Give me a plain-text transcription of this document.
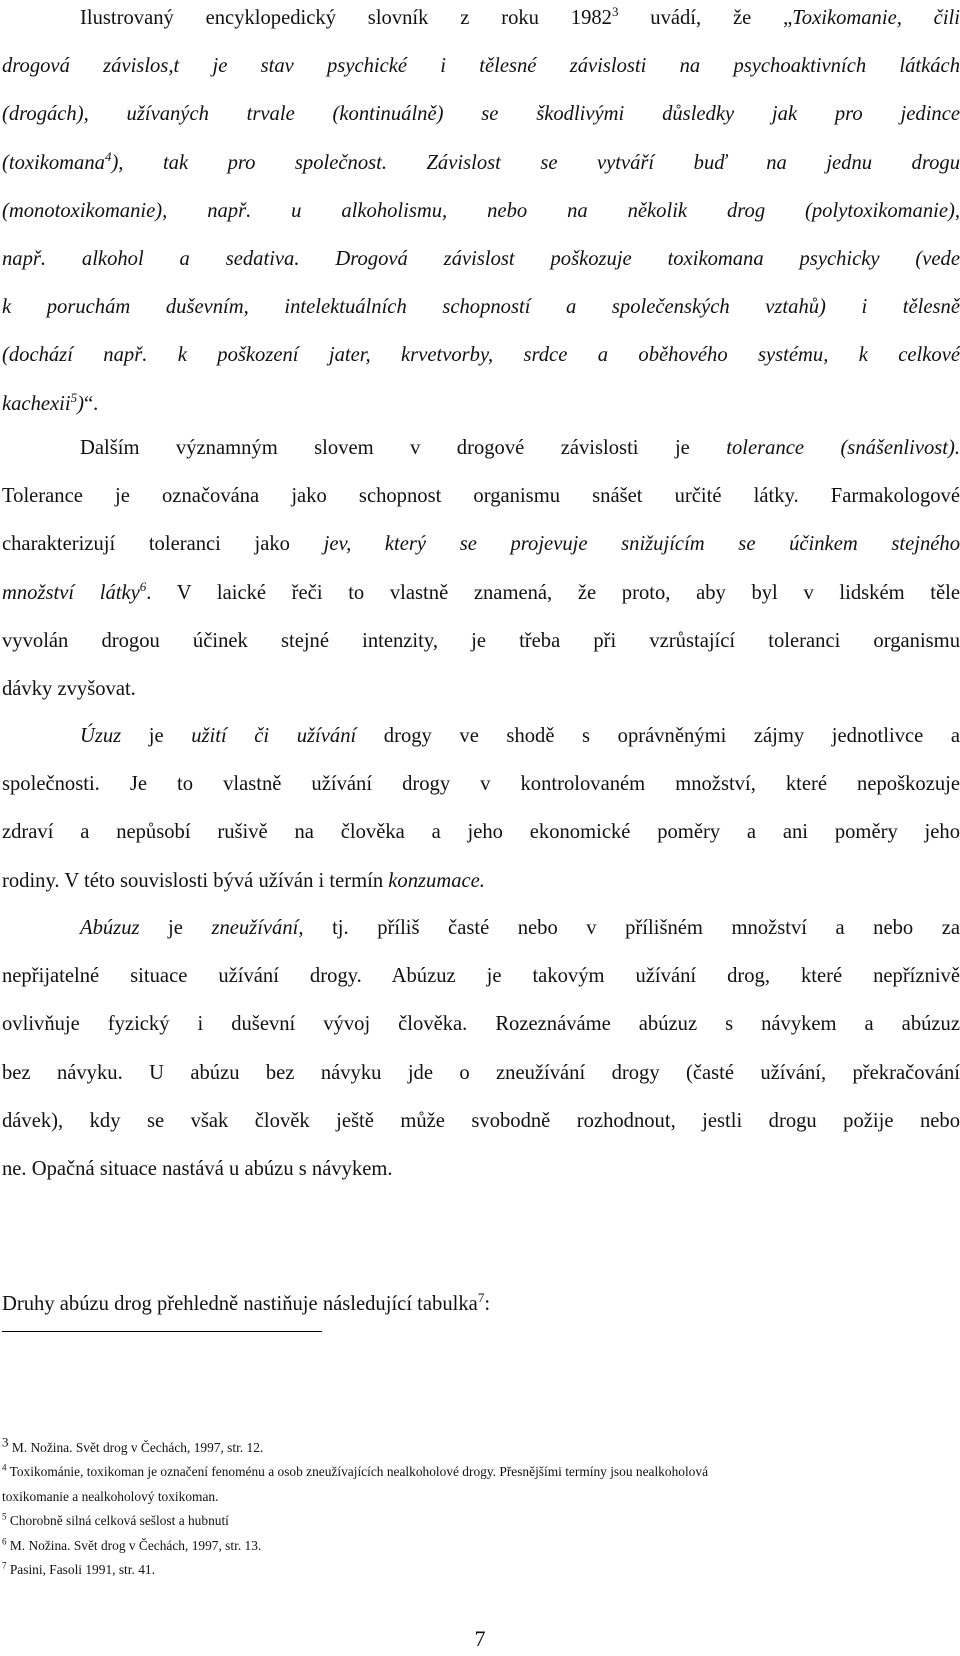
Ilustrovaný encyklopedický slovník z roku 1982$^3$ uvádí, že „Toxikomanie, čili
drogová závislos,t je stav psychické i tělesné závislosti na psychoaktivních látkách
(drogách), užívaných trvale (kontinuálně) se škodlivými důsledky jak pro jedince
(toxikomana$^4$), tak pro společnost. Závislost se vytváří buď na jednu drogu
(monotoxikomanie), např. u alkoholismu, nebo na několik drog (polytoxikomanie),
např. alkohol a sedativa. Drogová závislost poškozuje toxikomana psychicky (vede
k poruchám duševním, intelektuálních schopností a společenských vztahů) i tělesně
(dochází např. k poškození jater, krvetvorby, srdce a oběhového systému, k celkové
kachexii$^5$)“.
Dalším významným slovem v drogové závislosti je tolerance (snášenlivost).
Tolerance je označována jako schopnost organismu snášet určité látky. Farmakologové
charakterizují toleranci jako jev, který se projevuje snižujícím se účinkem stejného
množství látky$^6$. V laické řeči to vlastně znamená, že proto, aby byl v lidském těle
vyvolán drogou účinek stejné intenzity, je třeba při vzrůstající toleranci organismu
dávky zvyšovat.
Úzuz je užití či užívání drogy ve shodě s oprávněnými zájmy jednotlivce a
společnosti. Je to vlastně užívání drogy v kontrolovaném množství, které nepoškozuje
zdraví a nepůsobí rušivě na člověka a jeho ekonomické poměry a ani poměry jeho
rodiny. V této souvislosti bývá užíván i termín konzumace.
Abúzuz je zneužívání, tj. příliš časté nebo v přílišném množství a nebo za
nepřijatelné situace užívání drogy. Abúzuz je takovým užívání drog, které nepříznivě
ovlivňuje fyzický i duševní vývoj člověka. Rozeznáváme abúzuz s návykem a abúzuz
bez návyku. U abúzu bez návyku jde o zneužívání drogy (časté užívání, překračování
dávek), kdy se však člověk ještě může svobodně rozhodnout, jestli drogu požije nebo
ne. Opačná situace nastává u abúzu s návykem.
Druhy abúzu drog přehledně nastiňuje následující tabulka$^7$:
$^3$ M. Nožina. Svět drog v Čechách, 1997, str. 12.
$^4$ Toxikománie, toxikoman je označení fenoménu a osob zneužívajících nealkoholové drogy. Přesnějšími termíny jsou nealkoholová
toxikomanie a nealkoholový toxikoman.
$^5$ Chorobně silná celková sešlost a hubnutí
$^6$ M. Nožina. Svět drog v Čechách, 1997, str. 13.
$^7$ Pasini, Fasoli 1991, str. 41.
7
